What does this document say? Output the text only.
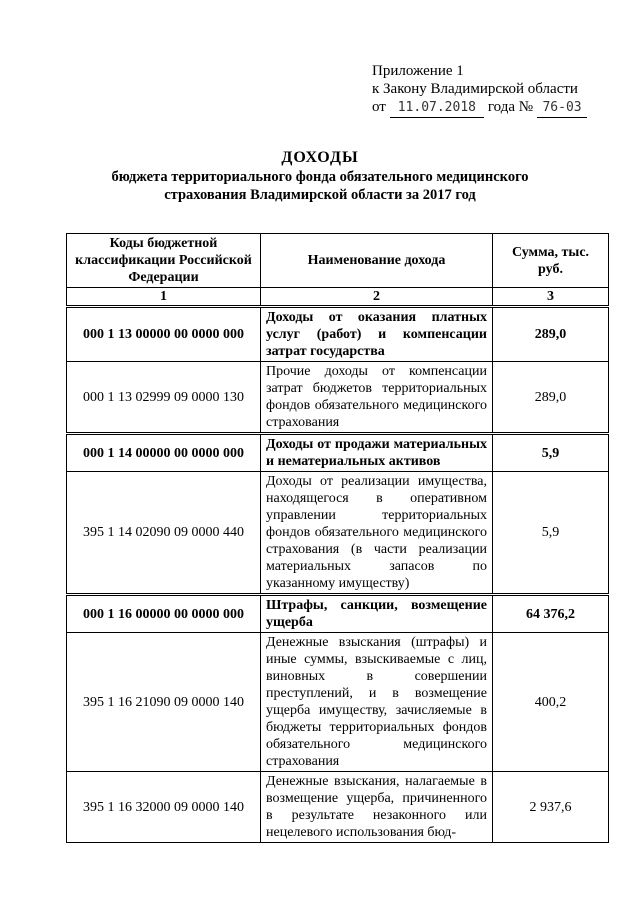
Приложение 1
к Закону Владимирской области
от 11.07.2018 года № 76-03
ДОХОДЫ
бюджета территориального фонда обязательного медицинского
страхования Владимирской области за 2017 год
Коды бюджетной классификации Российской Федерации	Наименование дохода	Сумма, тыс. руб.
1	2	3
000 1 13 00000 00 0000 000	Доходы от оказания платных услуг (работ) и компенсации затрат государства	289,0
000 1 13 02999 09 0000 130	Прочие доходы от компенсации затрат бюджетов территориальных фондов обязательного медицинского страхования	289,0
000 1 14 00000 00 0000 000	Доходы от продажи материальных и нематериальных активов	5,9
395 1 14 02090 09 0000 440	Доходы от реализации имущества, находящегося в оперативном управлении территориальных фондов обязательного медицинского страхования (в части реализации материальных запасов по указанному имуществу)	5,9
000 1 16 00000 00 0000 000	Штрафы, санкции, возмещение ущерба	64 376,2
395 1 16 21090 09 0000 140	Денежные взыскания (штрафы) и иные суммы, взыскиваемые с лиц, виновных в совершении преступлений, и в возмещение ущерба имуществу, зачисляемые в бюджеты территориальных фондов обязательного медицинского страхования	400,2
395 1 16 32000 09 0000 140	Денежные взыскания, налагаемые в возмещение ущерба, причиненного в результате незаконного или нецелевого использования бюд-	2 937,6
